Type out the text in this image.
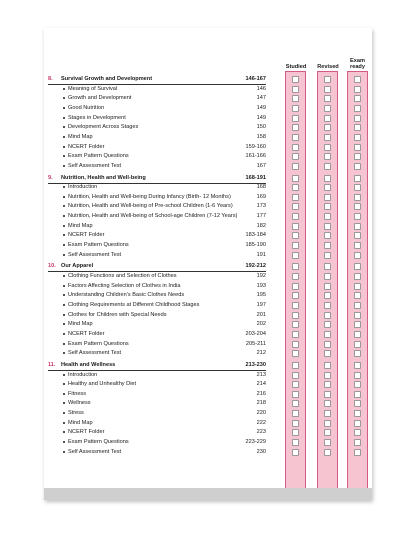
Studied	Revised
Exam ready
8. Survival Growth and Development	146-167
Meaning of Survival	146
Growth and Development	147
Good Nutrition	149
Stages in Development	149
Development Across Stages	150
Mind Map	158
NCERT Folder	159-160
Exam Pattern Questions	161-166
Self Assessment Test	167
9. Nutrition, Health and Well-being	168-191
Introduction	168
Nutrition, Health and Well-being During Infancy (Birth- 12 Months)	169
Nutrition, Health and Well-being of Pre-school Children (1-6 Years)	173
Nutrition, Health and Well-being of School-age Children (7-12 Years)	177
Mind Map	182
NCERT Folder	183-184
Exam Pattern Questions	185-190
Self Assessment Test	191
10. Our Apparel	192-212
Clothing Functions and Selection of Clothes	192
Factors Affecting Selection of Clothes in India	193
Understanding Children's Basic Clothes Needs	195
Clothing Requirements at Different Childhood Stages	197
Clothes for Children with Special Needs	201
Mind Map	202
NCERT Folder	203-204
Exam Pattern Questions	205-211
Self Assessment Test	212
11. Health and Wellness	213-230
Introduction	213
Healthy and Unhealthy Diet	214
Fitness	216
Wellness	218
Stress	220
Mind Map	222
NCERT Folder	223
Exam Pattern Questions	223-229
Self Assessment Test	230
